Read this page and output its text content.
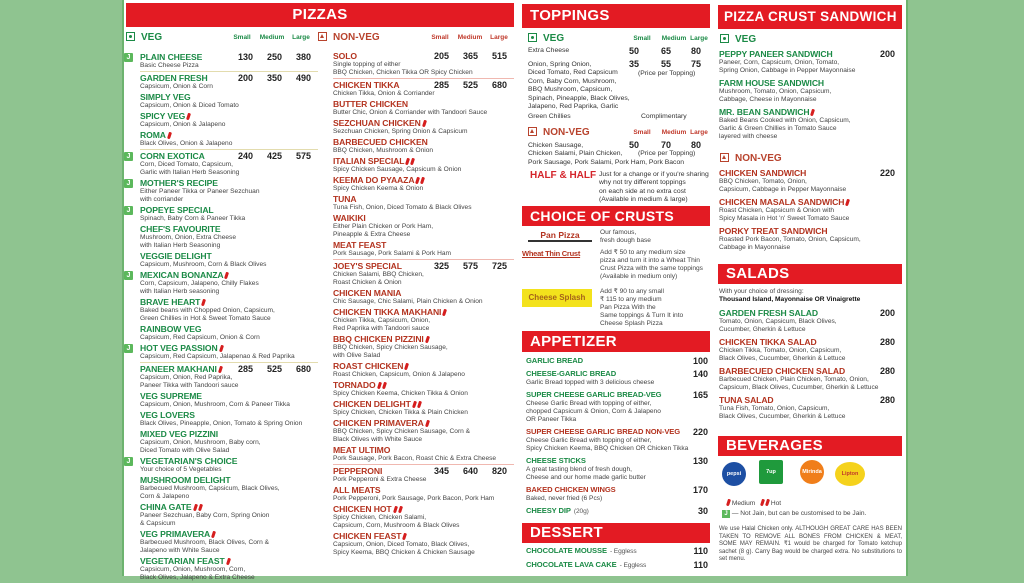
PIZZAS
VEG	Small	Medium	Large	NON-VEG	Small	Medium	Large
PLAIN CHEESE	130	250	380
Basic Cheese Pizza
J
GARDEN FRESH	200	350	490
Capsicum, Onion & Corn
SIMPLY VEG
Capsicum, Onion & Diced Tomato
SPICY VEG
Capsicum, Onion & Jalapeno
ROMA
Black Olives, Onion & Jalapeno
CORN EXOTICA	240	425	575
Corn, Diced Tomato, Capsicum,
Garlic with Italian Herb Seasoning
J
MOTHER'S RECIPE
Either Paneer Tikka or Paneer Sezchuan
with corriander
J
POPEYE SPECIAL
Spinach, Baby Corn & Paneer Tikka
J
CHEF'S FAVOURITE
Mushroom, Onion, Extra Cheese
with Italian Herb Seasoning
VEGGIE DELIGHT
Capsicum, Mushroom, Corn & Black Olives
MEXICAN BONANZA
Corn, Capsicum, Jalapeno, Chilly Flakes
with Italian Herb seasoning
J
BRAVE HEART
Baked beans with Chopped Onion, Capsicum,
Green Chillies in Hot & Sweet Tomato Sauce
RAINBOW VEG
Capsicum, Red Capsicum, Onion & Corn
HOT VEG PASSION
Capsicum, Red Capsicum, Jalapenao & Red Paprika
J
PANEER MAKHANI	285	525	680
Capsicum, Onion, Red Paprika,
Paneer Tikka with Tandoori sauce
VEG SUPREME
Capsicum, Onion, Mushroom, Corn & Paneer Tikka
VEG LOVERS
Black Olives, Pineapple, Onion, Tomato & Spring Onion
MIXED VEG PIZZINI
Capsicum, Onion, Mushroom, Baby corn,
Diced Tomato with Olive Salad
VEGETARIAN'S CHOICE
Your choice of 5 Vegetables
J
MUSHROOM DELIGHT
Barbecued Mushroom, Capsicum, Black Olives,
Corn & Jalapeno
CHINA GATE
Paneer Sezchuan, Baby Corn, Spring Onion
& Capsicum
VEG PRIMAVERA
Barbecued Mushroom, Black Olives, Corn &
Jalapeno with White Sauce
VEGETARIAN FEAST
Capsicum, Onion, Mushroom, Corn,
Black Olives, Jalapeno & Extra Cheese
SOLO	205	365	515
Single topping of either
BBQ Chicken, Chicken Tikka OR Spicy Chicken
CHICKEN TIKKA	285	525	680
Chicken Tikka, Onion & Corriander
BUTTER CHICKEN
Butter Chic, Onion & Corriander with Tandoori Sauce
SEZCHUAN CHICKEN
Sezchuan Chicken, Spring Onion & Capsicum
BARBECUED CHICKEN
BBQ Chicken, Mushroom & Onion
ITALIAN SPECIAL
Spicy Chicken Sausage, Capsicum & Onion
KEEMA DO PYAAZA
Spicy Chicken Keema & Onion
TUNA
Tuna Fish, Onion, Diced Tomato & Black Olives
WAIKIKI
Either Plain Chicken or Pork Ham,
Pineapple & Extra Cheese
MEAT FEAST
Pork Sausage, Pork Salami & Pork Ham
JOEY'S SPECIAL	325	575	725
Chicken Salami, BBQ Chicken,
Roast Chicken & Onion
CHICKEN MANIA
Chic Sausage, Chic Salami, Plain Chicken & Onion
CHICKEN TIKKA MAKHANI
Chicken Tikka, Capsicum, Onion,
Red Paprika with Tandoori sauce
BBQ CHICKEN PIZZINI
BBQ Chicken, Spicy Chicken Sausage,
with Olive Salad
ROAST CHICKEN
Roast Chicken, Capsicum, Onion & Jalapeno
TORNADO
Spicy Chicken Keema, Chicken Tikka & Onion
CHICKEN DELIGHT
Spicy Chicken, Chicken Tikka & Plain Chicken
CHICKEN PRIMAVERA
BBQ Chicken, Spicy Chicken Sausage, Corn &
Black Olives with White Sauce
MEAT ULTIMO
Pork Sausage, Pork Bacon, Roast Chic & Extra Cheese
PEPPERONI	345	640	820
Pork Pepperoni & Extra Cheese
ALL MEATS
Pork Pepperoni, Pork Sausage, Pork Bacon, Pork Ham
CHICKEN HOT
Spicy Chicken, Chicken Salami,
Capsicum, Corn, Mushroom & Black Olives
CHICKEN FEAST
Capsicum, Onion, Diced Tomato, Black Olives,
Spicy Keema, BBQ Chicken & Chicken Sausage
TOPPINGS
VEG	Small	Medium Large
Extra Cheese	50	65	80
Onion, Spring Onion,
Diced Tomato, Red Capsicum
Corn, Baby Corn, Mushroom,
BBQ Mushroom, Capsicum,
Spinach, Pineapple, Black Olives,
Jalapeno, Red Paprika, Garlic
35	55	75
(Price per Topping)
Green Chillies	Complimentary
NON-VEG	Small	Medium Large
Chicken Sausage,
Chicken Salami, Plain Chicken,
Pork Sausage, Pork Salami, Pork Ham, Pork Bacon
50	70	80
(Price per Topping)
HALF & HALF Just for a change or if you're sharing
why not try different toppings
on each side at no extra cost
(Available in medium & large)
CHOICE OF CRUSTS
Pan Pizza	Our famous,
fresh dough base
Wheat Thin Crust	Add ₹ 50 to any medium size
pizza and turn it into a Wheat Thin
Crust Pizza with the same toppings
(Available in medium only)
Cheese Splash
Add ₹ 90 to any small
₹ 115 to any medium
Pan Pizza With the
Same toppings & Turn It into
Cheese Splash Pizza
APPETIZER
GARLIC BREAD	100
CHEESE-GARLIC BREAD	140
Garlic Bread topped with 3 delicious cheese
SUPER CHEESE GARLIC BREAD-VEG	165
Cheese Garlic Bread with topping of either,
chopped Capsicum & Onion, Corn & Jalapeno
OR Paneer Tikka
SUPER CHEESE GARLIC BREAD NON-VEG	220
Cheese Garlic Bread with topping of either,
Spicy Chicken Keema, BBQ Chicken OR Chicken Tikka
CHEESE STICKS	130
A great tasting blend of fresh dough,
Cheese and our home made garlic butter
BAKED CHICKEN WINGS	170
Baked, never fried (6 Pcs)
CHEESY DIP (20g)	30
DESSERT
CHOCOLATE MOUSSE - Eggless	110
CHOCOLATE LAVA CAKE - Eggless	110
PIZZA CRUST SANDWICH
VEG
PEPPY PANEER SANDWICH	200
Paneer, Corn, Capsicum, Onion, Tomato,
Spring Onion, Cabbage in Pepper Mayonnaise
FARM HOUSE SANDWICH
Mushroom, Tomato, Onion, Capsicum,
Cabbage, Cheese in Mayonnaise
MR. BEAN SANDWICH
Baked Beans Cooked with Onion, Capsicum,
Garlic & Green Chillies in Tomato Sauce
layered with cheese
NON-VEG
CHICKEN SANDWICH	220
BBQ Chicken, Tomato, Onion,
Capsicum, Cabbage in Pepper Mayonnaise
CHICKEN MASALA SANDWICH
Roast Chicken, Capsicum & Onion with
Spicy Masala in Hot 'n' Sweet Tomato Sauce
PORKY TREAT SANDWICH
Roasted Pork Bacon, Tomato, Onion, Capsicum,
Cabbage in Mayonnaise
SALADS
With your choice of dressing:
Thousand Island, Mayonnaise OR Vinaigrette
GARDEN FRESH SALAD	200
Tomato, Onion, Capsicum, Black Olives,
Cucumber, Gherkin & Lettuce
CHICKEN TIKKA SALAD	280
Chicken Tikka, Tomato, Onion, Capsicum,
Black Olives, Cucumber, Gherkin & Lettuce
BARBECUED CHICKEN SALAD	280
Barbecued Chicken, Plain Chicken, Tomato, Onion,
Capsicum, Black Olives, Cucumber, Gherkin & Lettuce
TUNA SALAD	280
Tuna Fish, Tomato, Onion, Capsicum,
Black Olives, Cucumber, Gherkin & Lettuce
BEVERAGES
pepsi	7up	Mirinda	Lipton
Medium Hot
J — Not Jain, but can be customised to be Jain.
We use Halal Chicken only. ALTHOUGH GREAT CARE HAS BEEN TAKEN TO REMOVE ALL BONES FROM CHICKEN & MEAT, SOME MAY REMAIN. ₹1 would be charged for Tomato ketchup sachet (8 g). Carry Bag would be charged extra. No substitutions to set menu.
